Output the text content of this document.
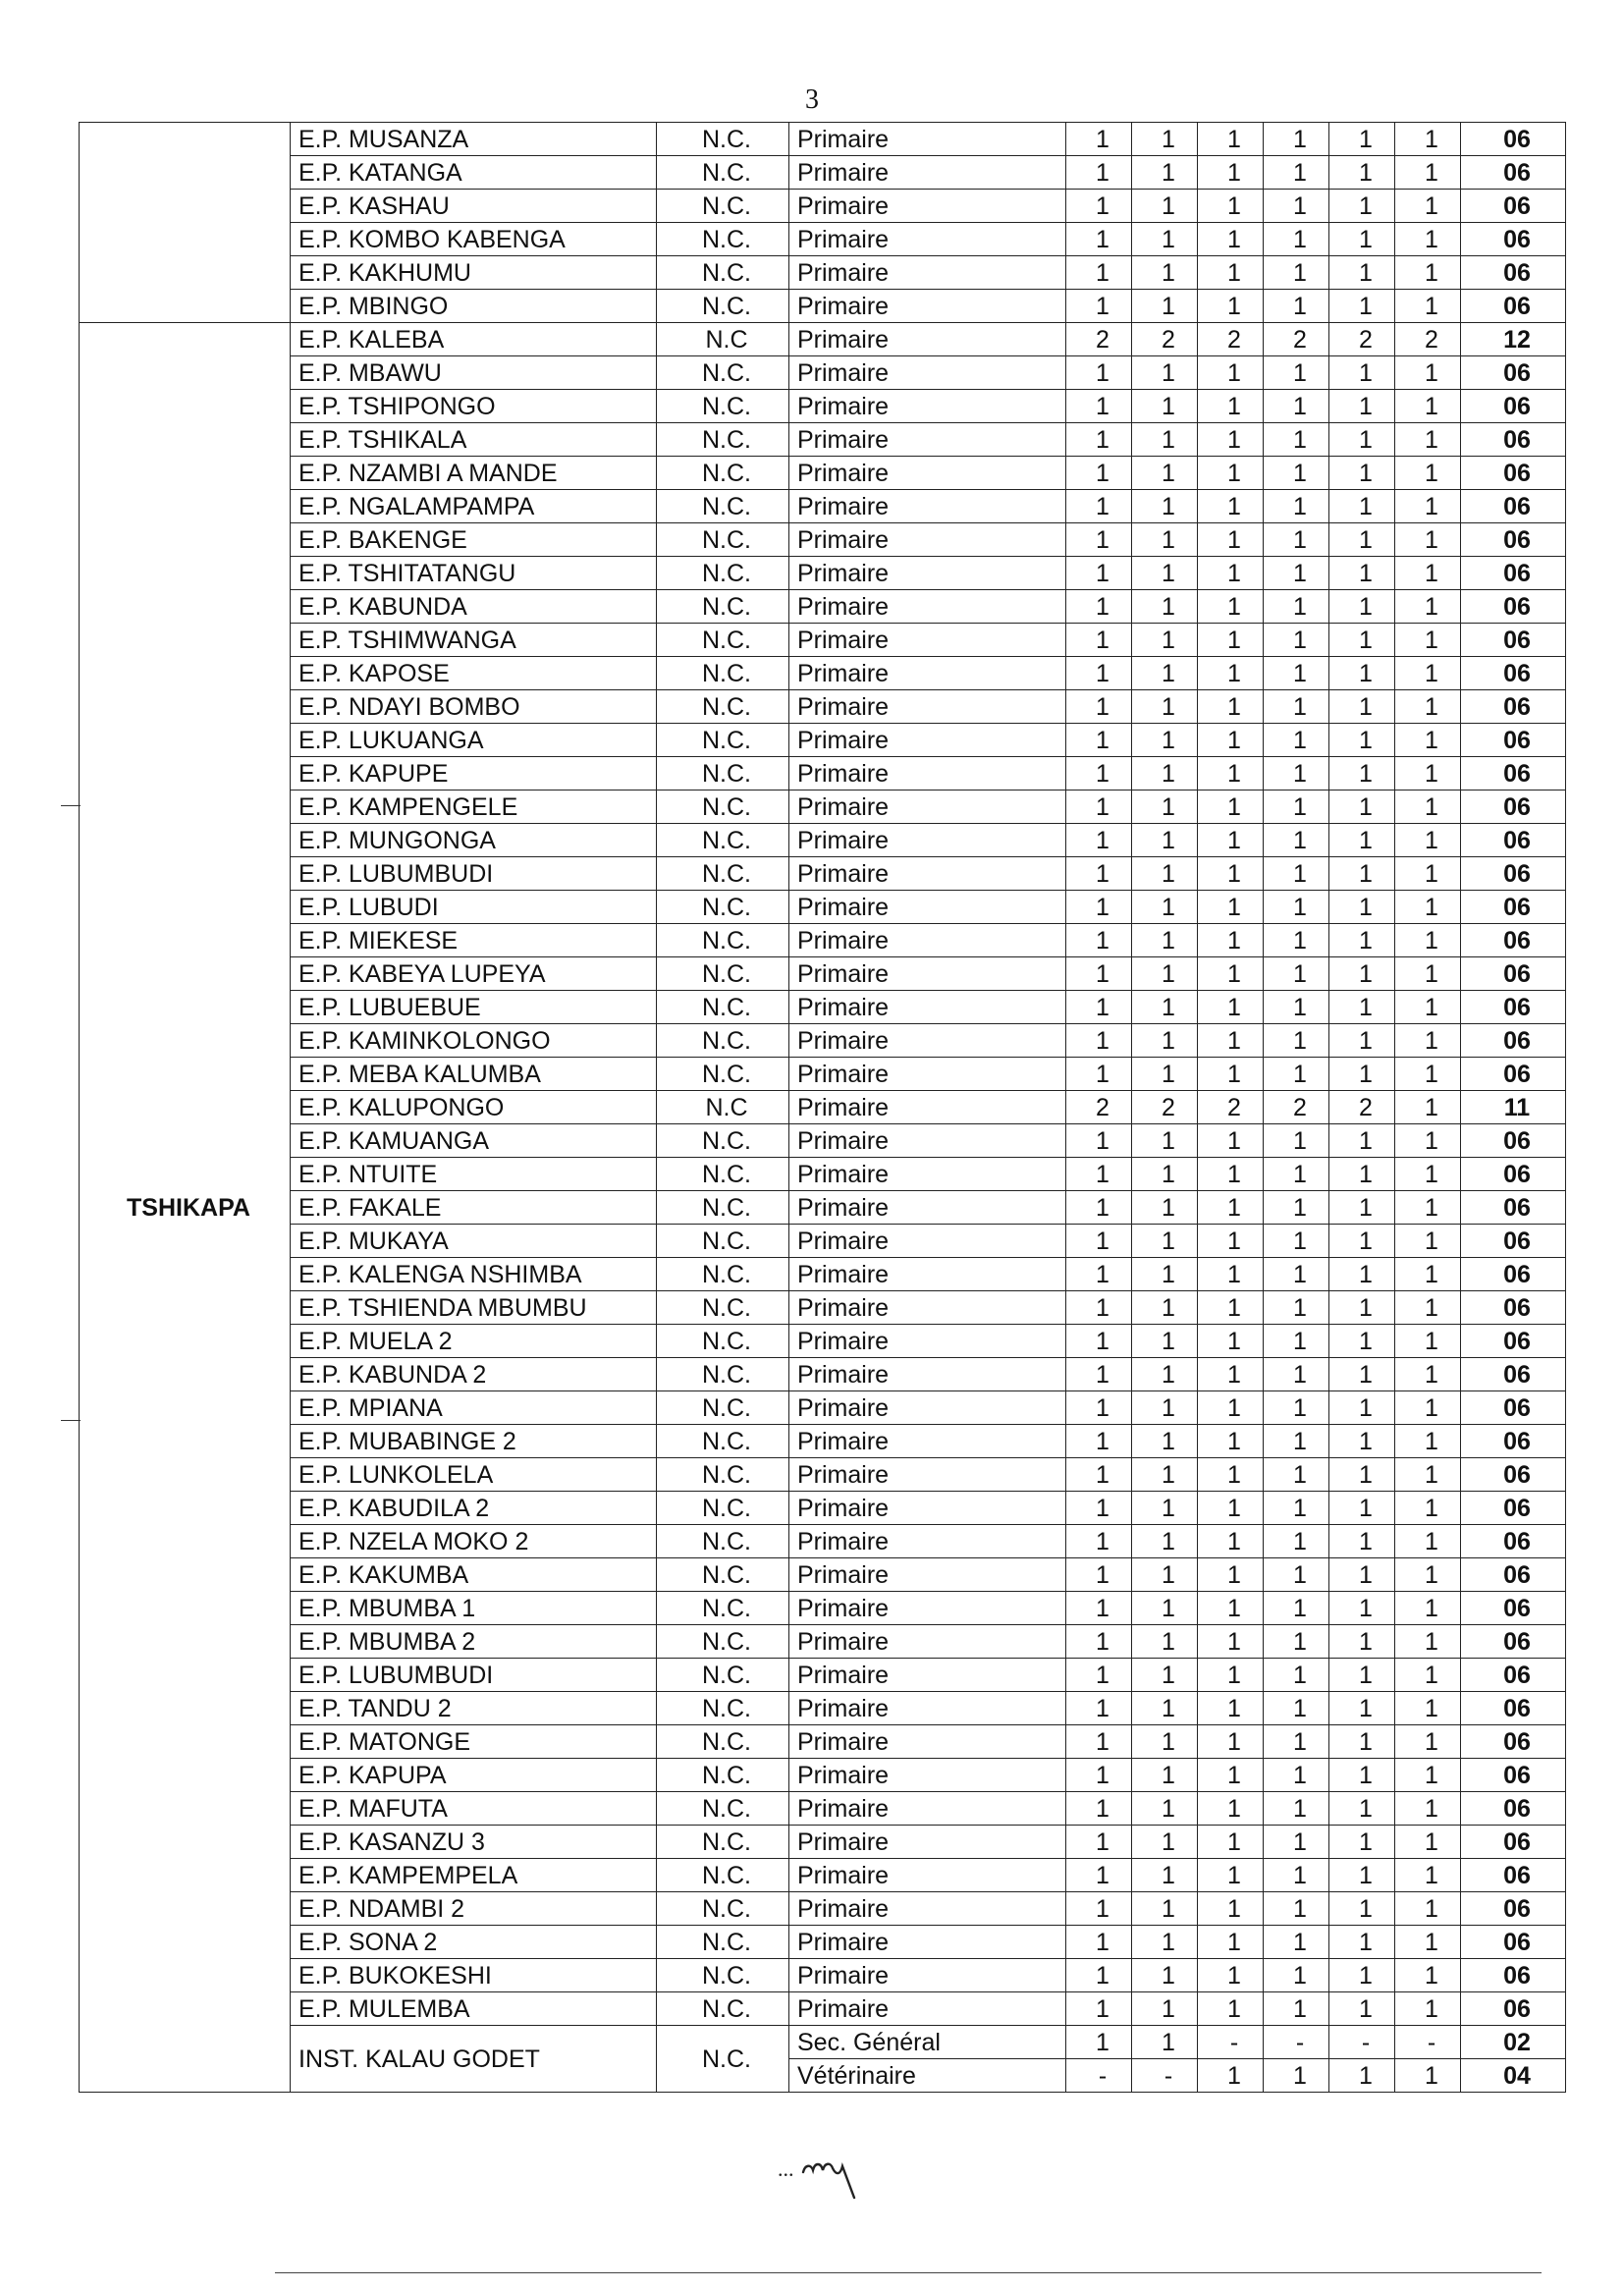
3
	E.P. MUSANZA	N.C.	Primaire	1	1	1	1	1	1	06
	E.P. KATANGA	N.C.	Primaire	1	1	1	1	1	1	06
	E.P. KASHAU	N.C.	Primaire	1	1	1	1	1	1	06
	E.P. KOMBO KABENGA	N.C.	Primaire	1	1	1	1	1	1	06
	E.P. KAKHUMU	N.C.	Primaire	1	1	1	1	1	1	06
	E.P. MBINGO	N.C.	Primaire	1	1	1	1	1	1	06
TSHIKAPA	E.P. KALEBA	N.C	Primaire	2	2	2	2	2	2	12
	E.P. MBAWU	N.C.	Primaire	1	1	1	1	1	1	06
	E.P. TSHIPONGO	N.C.	Primaire	1	1	1	1	1	1	06
	E.P. TSHIKALA	N.C.	Primaire	1	1	1	1	1	1	06
	E.P. NZAMBI A MANDE	N.C.	Primaire	1	1	1	1	1	1	06
	E.P. NGALAMPAMPA	N.C.	Primaire	1	1	1	1	1	1	06
	E.P. BAKENGE	N.C.	Primaire	1	1	1	1	1	1	06
	E.P. TSHITATANGU	N.C.	Primaire	1	1	1	1	1	1	06
	E.P. KABUNDA	N.C.	Primaire	1	1	1	1	1	1	06
	E.P. TSHIMWANGA	N.C.	Primaire	1	1	1	1	1	1	06
	E.P. KAPOSE	N.C.	Primaire	1	1	1	1	1	1	06
	E.P. NDAYI BOMBO	N.C.	Primaire	1	1	1	1	1	1	06
	E.P. LUKUANGA	N.C.	Primaire	1	1	1	1	1	1	06
	E.P. KAPUPE	N.C.	Primaire	1	1	1	1	1	1	06
	E.P. KAMPENGELE	N.C.	Primaire	1	1	1	1	1	1	06
	E.P. MUNGONGA	N.C.	Primaire	1	1	1	1	1	1	06
	E.P. LUBUMBUDI	N.C.	Primaire	1	1	1	1	1	1	06
	E.P. LUBUDI	N.C.	Primaire	1	1	1	1	1	1	06
	E.P. MIEKESE	N.C.	Primaire	1	1	1	1	1	1	06
	E.P. KABEYA LUPEYA	N.C.	Primaire	1	1	1	1	1	1	06
	E.P. LUBUEBUE	N.C.	Primaire	1	1	1	1	1	1	06
	E.P. KAMINKOLONGO	N.C.	Primaire	1	1	1	1	1	1	06
	E.P. MEBA KALUMBA	N.C.	Primaire	1	1	1	1	1	1	06
	E.P. KALUPONGO	N.C	Primaire	2	2	2	2	2	1	11
	E.P. KAMUANGA	N.C.	Primaire	1	1	1	1	1	1	06
	E.P. NTUITE	N.C.	Primaire	1	1	1	1	1	1	06
	E.P. FAKALE	N.C.	Primaire	1	1	1	1	1	1	06
	E.P. MUKAYA	N.C.	Primaire	1	1	1	1	1	1	06
	E.P. KALENGA NSHIMBA	N.C.	Primaire	1	1	1	1	1	1	06
	E.P. TSHIENDA MBUMBU	N.C.	Primaire	1	1	1	1	1	1	06
	E.P. MUELA 2	N.C.	Primaire	1	1	1	1	1	1	06
	E.P. KABUNDA 2	N.C.	Primaire	1	1	1	1	1	1	06
	E.P. MPIANA	N.C.	Primaire	1	1	1	1	1	1	06
	E.P. MUBABINGE 2	N.C.	Primaire	1	1	1	1	1	1	06
	E.P. LUNKOLELA	N.C.	Primaire	1	1	1	1	1	1	06
	E.P. KABUDILA 2	N.C.	Primaire	1	1	1	1	1	1	06
	E.P. NZELA MOKO 2	N.C.	Primaire	1	1	1	1	1	1	06
	E.P. KAKUMBA	N.C.	Primaire	1	1	1	1	1	1	06
	E.P. MBUMBA 1	N.C.	Primaire	1	1	1	1	1	1	06
	E.P. MBUMBA 2	N.C.	Primaire	1	1	1	1	1	1	06
	E.P. LUBUMBUDI	N.C.	Primaire	1	1	1	1	1	1	06
	E.P. TANDU 2	N.C.	Primaire	1	1	1	1	1	1	06
	E.P. MATONGE	N.C.	Primaire	1	1	1	1	1	1	06
	E.P. KAPUPA	N.C.	Primaire	1	1	1	1	1	1	06
	E.P. MAFUTA	N.C.	Primaire	1	1	1	1	1	1	06
	E.P. KASANZU 3	N.C.	Primaire	1	1	1	1	1	1	06
	E.P. KAMPEMPELA	N.C.	Primaire	1	1	1	1	1	1	06
	E.P. NDAMBI 2	N.C.	Primaire	1	1	1	1	1	1	06
	E.P. SONA 2	N.C.	Primaire	1	1	1	1	1	1	06
	E.P. BUKOKESHI	N.C.	Primaire	1	1	1	1	1	1	06
	E.P. MULEMBA	N.C.	Primaire	1	1	1	1	1	1	06
	INST. KALAU GODET	N.C.	Sec. Général	1	1	-	-	-	-	02
			Vétérinaire	-	-	1	1	1	1	04
...
